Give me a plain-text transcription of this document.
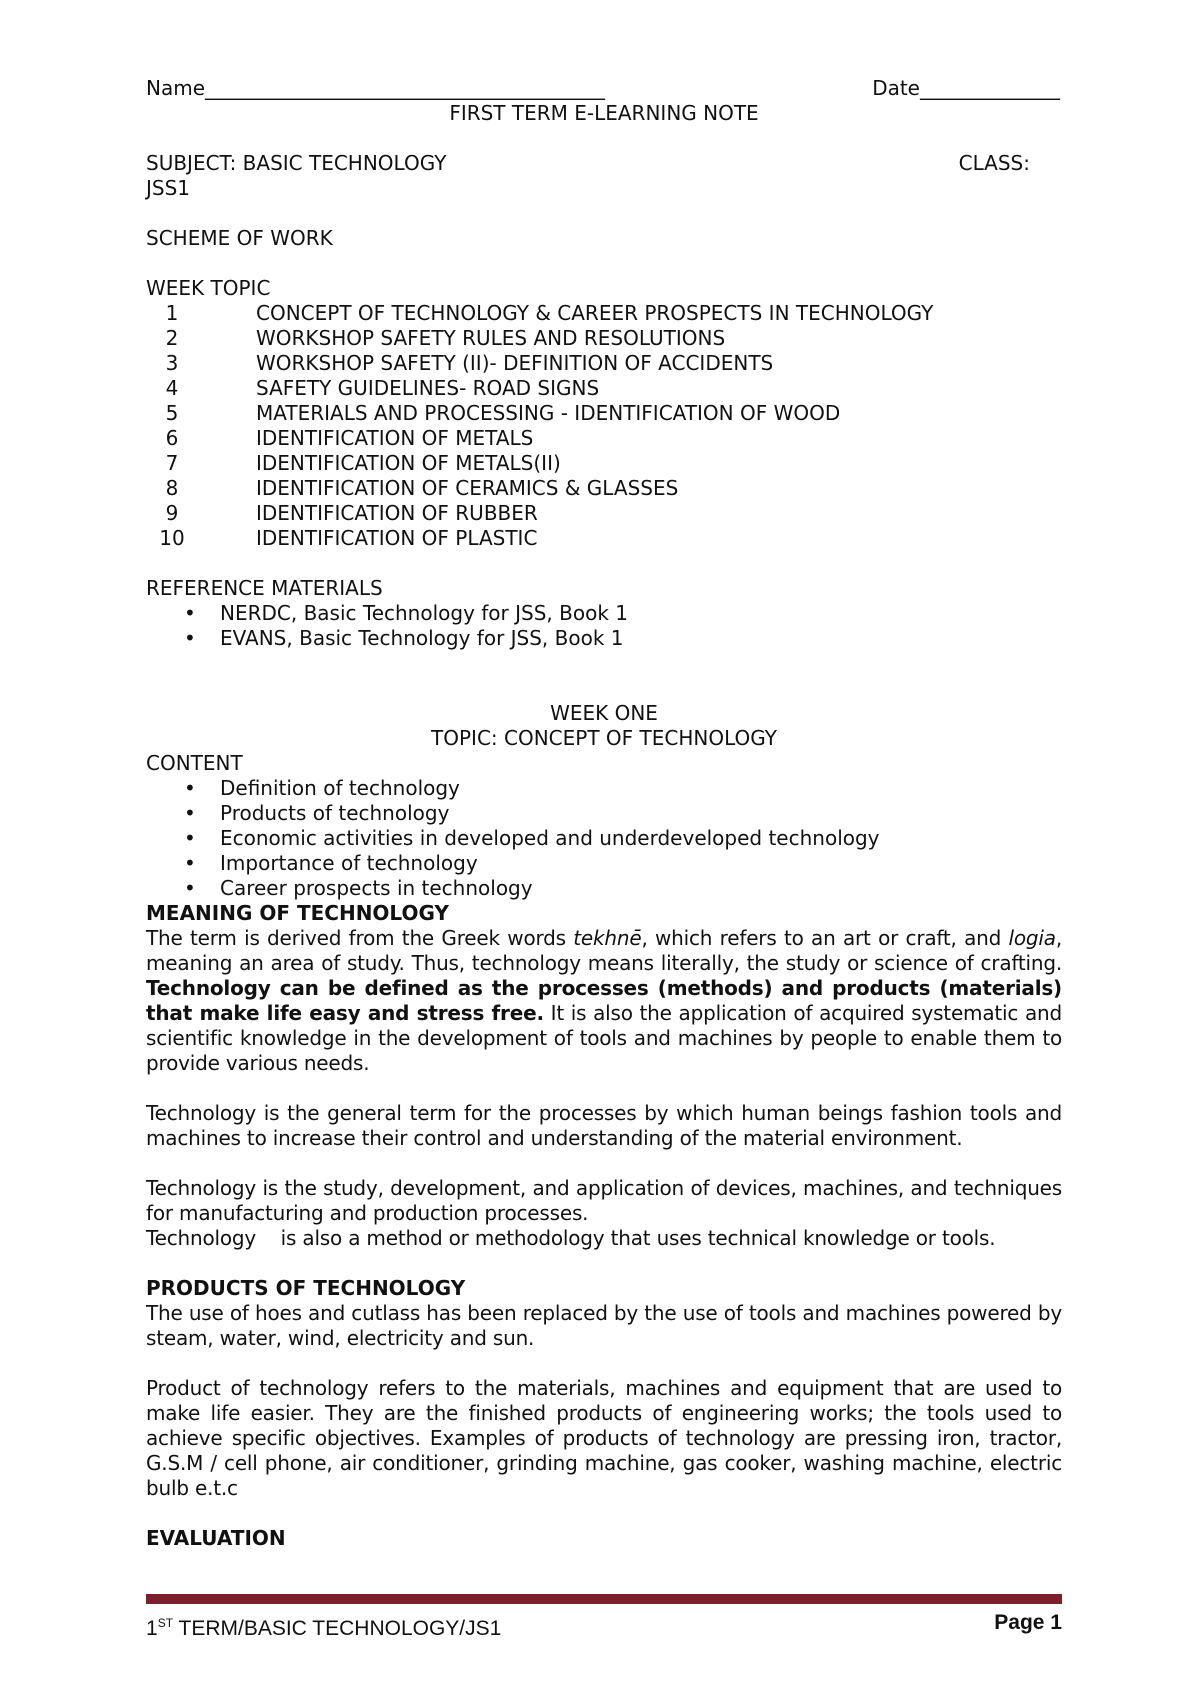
Name________________________________________	Date______________
FIRST TERM E-LEARNING NOTE
SUBJECT: BASIC TECHNOLOGY	CLASS:
JSS1
SCHEME OF WORK
WEEK TOPIC
1	CONCEPT OF TECHNOLOGY & CAREER PROSPECTS IN TECHNOLOGY
2	WORKSHOP SAFETY RULES AND RESOLUTIONS
3	WORKSHOP SAFETY (II)- DEFINITION OF ACCIDENTS
4	SAFETY GUIDELINES- ROAD SIGNS
5	MATERIALS AND PROCESSING - IDENTIFICATION OF WOOD
6	IDENTIFICATION OF METALS
7	IDENTIFICATION OF METALS(II)
8	IDENTIFICATION OF CERAMICS & GLASSES
9	IDENTIFICATION OF RUBBER
10	IDENTIFICATION OF PLASTIC
REFERENCE MATERIALS
•	NERDC, Basic Technology for JSS, Book 1
•	EVANS, Basic Technology for JSS, Book 1
WEEK ONE
TOPIC: CONCEPT OF TECHNOLOGY
CONTENT
•	Definition of technology
•	Products of technology
•	Economic activities in developed and underdeveloped technology
•	Importance of technology
•	Career prospects in technology
MEANING OF TECHNOLOGY
The term is derived from the Greek words tekhnē, which refers to an art or craft, and logia, meaning an area of study. Thus, technology means literally, the study or science of crafting. Technology can be defined as the processes (methods) and products (materials) that make life easy and stress free. It is also the application of acquired systematic and scientific knowledge in the development of tools and machines by people to enable them to provide various needs.
Technology is the general term for the processes by which human beings fashion tools and machines to increase their control and understanding of the material environment.
Technology is the study, development, and application of devices, machines, and techniques for manufacturing and production processes.
Technology    is also a method or methodology that uses technical knowledge or tools.
PRODUCTS OF TECHNOLOGY
The use of hoes and cutlass has been replaced by the use of tools and machines powered by steam, water, wind, electricity and sun.
Product of technology refers to the materials, machines and equipment that are used to make life easier. They are the finished products of engineering works; the tools used to achieve specific objectives. Examples of products of technology are pressing iron, tractor, G.S.M / cell phone, air conditioner, grinding machine, gas cooker, washing machine, electric bulb e.t.c
EVALUATION
1ST TERM/BASIC TECHNOLOGY/JS1	Page 1
